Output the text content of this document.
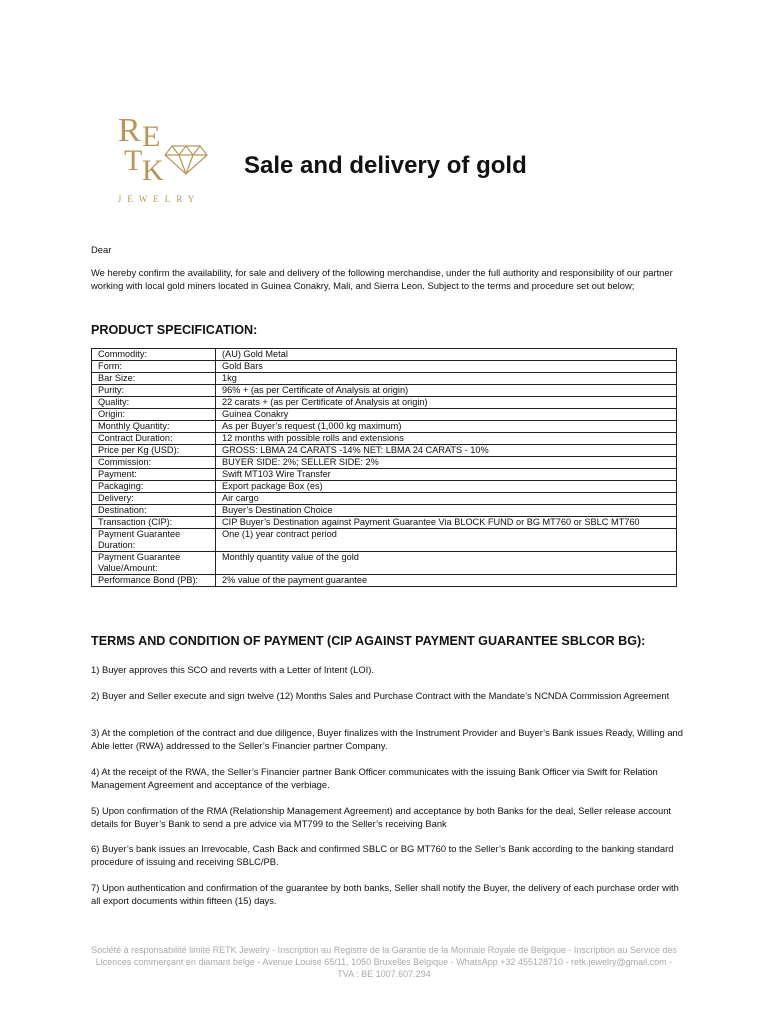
R E
T
K
JEWELRY
Sale and delivery of gold
Dear
We hereby confirm the availability, for sale and delivery of the following merchandise, under the full authority and responsibility of our partner working with local gold miners located in Guinea Conakry, Mali, and Sierra Leon. Subject to the terms and procedure set out below;
PRODUCT SPECIFICATION:
Commodity:	(AU) Gold Metal
Form:	Gold Bars
Bar Size:	1kg
Purity:	96% + (as per Certificate of Analysis at origin)
Quality:	22 carats + (as per Certificate of Analysis at origin)
Origin:	Guinea Conakry
Monthly Quantity:	As per Buyer’s request (1,000 kg maximum)
Contract Duration:	12 months with possible rolls and extensions
Price per Kg (USD):	GROSS: LBMA 24 CARATS -14% NET: LBMA 24 CARATS - 10%
Commission:	BUYER SIDE: 2%; SELLER SIDE: 2%
Payment:	Swift MT103 Wire Transfer
Packaging:	Export package Box (es)
Delivery:	Air cargo
Destination:	Buyer’s Destination Choice
Transaction (CIP):	CIP Buyer’s Destination against Payment Guarantee Via BLOCK FUND or BG MT760 or SBLC MT760
Payment Guarantee Duration:	One (1) year contract period
Payment Guarantee Value/Amount:	Monthly quantity value of the gold
Performance Bond (PB):	2% value of the payment guarantee
TERMS AND CONDITION OF PAYMENT (CIP AGAINST PAYMENT GUARANTEE SBLCOR BG):
1) Buyer approves this SCO and reverts with a Letter of Intent (LOI).
2) Buyer and Seller execute and sign twelve (12) Months Sales and Purchase Contract with the Mandate’s NCNDA Commission Agreement
3) At the completion of the contract and due diligence, Buyer finalizes with the Instrument Provider and Buyer’s Bank issues Ready, Willing and Able letter (RWA) addressed to the Seller’s Financier partner Company.
4) At the receipt of the RWA, the Seller’s Financier partner Bank Officer communicates with the issuing Bank Officer via Swift for Relation Management Agreement and acceptance of the verbiage.
5) Upon confirmation of the RMA (Relationship Management Agreement) and acceptance by both Banks for the deal, Seller release account details for Buyer’s Bank to send a pre advice via MT799 to the Seller’s receiving Bank
6) Buyer’s bank issues an Irrevocable, Cash Back and confirmed SBLC or BG MT760 to the Seller’s Bank according to the banking standard procedure of issuing and receiving SBLC/PB.
7) Upon authentication and confirmation of the guarantee by both banks, Seller shall notify the Buyer, the delivery of each purchase order with all export documents within fifteen (15) days.
Société à responsabilité limité RETK Jewelry - Inscription au Registre de la Garantie de la Monnaie Royale de Belgique - Inscription au Service des Licences commerçant en diamant belge - Avenue Louise 65/11, 1050 Bruxelles Belgique - WhatsApp +32 455128710 - retk.jewelry@gmail.com - TVA : BE 1007.607.294
